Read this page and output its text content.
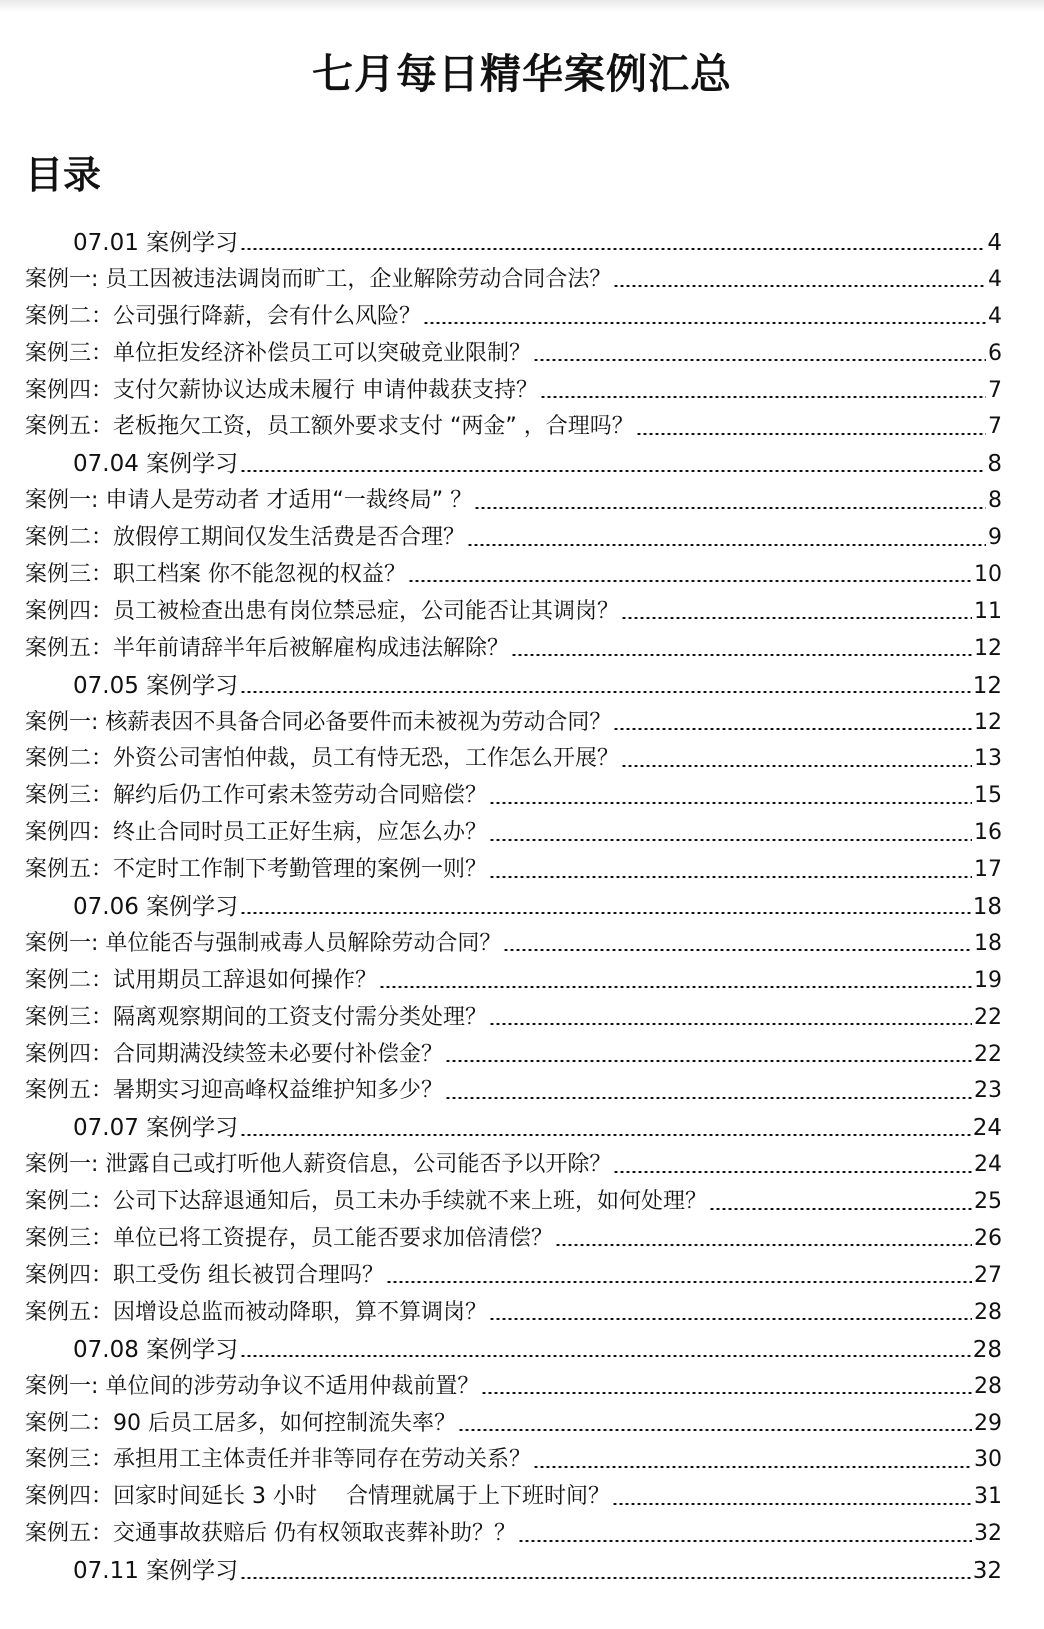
七月每日精华案例汇总
目录
07.01 案例学习	4
案例一: 员工因被违法调岗而旷工，企业解除劳动合同合法？	4
案例二：公司强行降薪，会有什么风险？	4
案例三：单位拒发经济补偿员工可以突破竞业限制？	6
案例四：支付欠薪协议达成未履行 申请仲裁获支持？	7
案例五：老板拖欠工资，员工额外要求支付 “两金” ，合理吗？	7
07.04 案例学习	8
案例一: 申请人是劳动者 才适用“一裁终局” ？	8
案例二：放假停工期间仅发生活费是否合理？	9
案例三：职工档案 你不能忽视的权益？	10
案例四：员工被检查出患有岗位禁忌症，公司能否让其调岗？	11
案例五：半年前请辞半年后被解雇构成违法解除？	12
07.05 案例学习	12
案例一: 核薪表因不具备合同必备要件而未被视为劳动合同？	12
案例二：外资公司害怕仲裁，员工有恃无恐，工作怎么开展？	13
案例三：解约后仍工作可索未签劳动合同赔偿？	15
案例四：终止合同时员工正好生病，应怎么办？	16
案例五：不定时工作制下考勤管理的案例一则？	17
07.06 案例学习	18
案例一: 单位能否与强制戒毒人员解除劳动合同？	18
案例二：试用期员工辞退如何操作？	19
案例三：隔离观察期间的工资支付需分类处理？	22
案例四：合同期满没续签未必要付补偿金？	22
案例五：暑期实习迎高峰权益维护知多少？	23
07.07 案例学习	24
案例一: 泄露自己或打听他人薪资信息，公司能否予以开除？	24
案例二：公司下达辞退通知后，员工未办手续就不来上班，如何处理？	25
案例三：单位已将工资提存，员工能否要求加倍清偿？	26
案例四：职工受伤 组长被罚合理吗？	27
案例五：因增设总监而被动降职，算不算调岗？	28
07.08 案例学习	28
案例一: 单位间的涉劳动争议不适用仲裁前置？	28
案例二：90 后员工居多，如何控制流失率？	29
案例三：承担用工主体责任并非等同存在劳动关系？	30
案例四：回家时间延长 3 小时 　合情理就属于上下班时间？	31
案例五：交通事故获赔后 仍有权领取丧葬补助？？	32
07.11 案例学习	32
